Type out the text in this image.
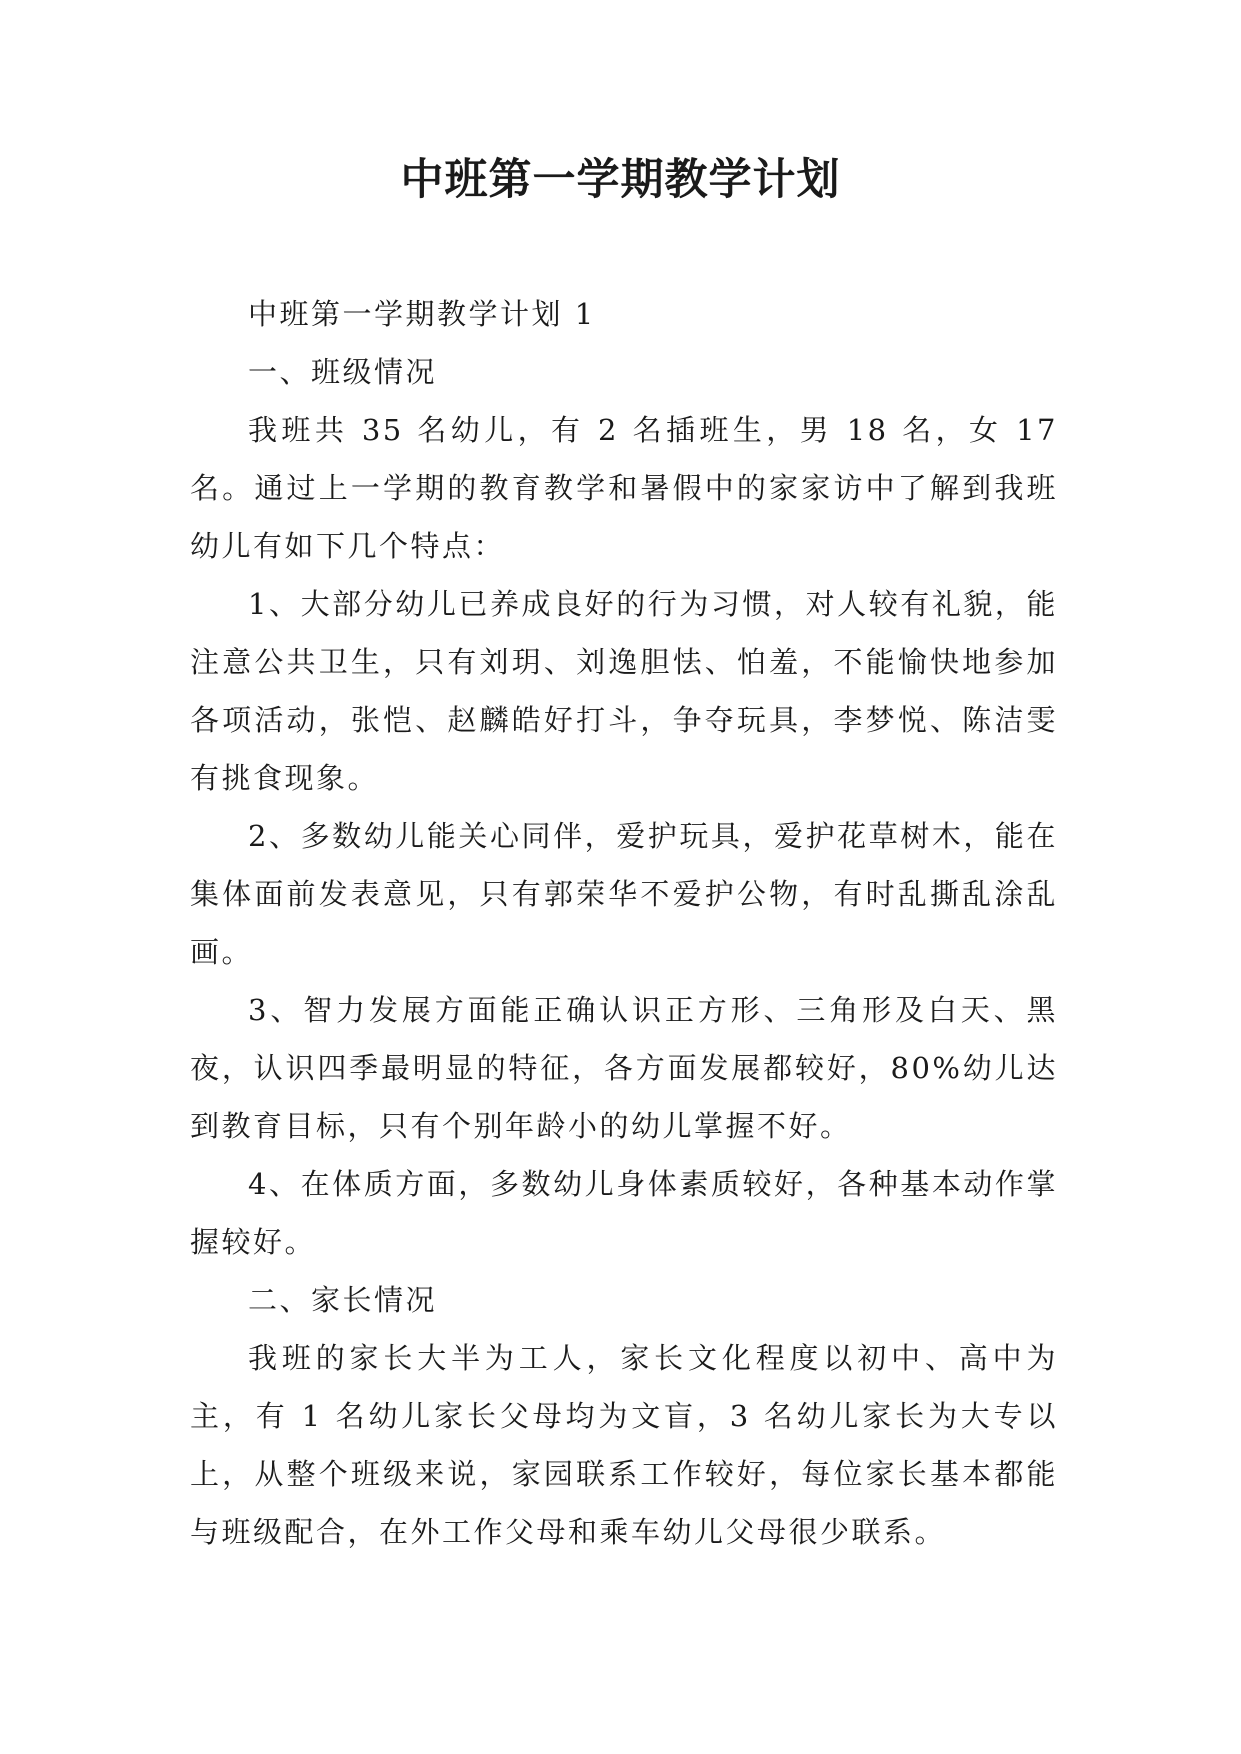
中班第一学期教学计划

中班第一学期教学计划 1

一、班级情况

我班共 35 名幼儿，有 2 名插班生，男 18 名，女 17 名。通过上一学期的教育教学和暑假中的家家访中了解到我班幼儿有如下几个特点：

1、大部分幼儿已养成良好的行为习惯，对人较有礼貌，能注意公共卫生，只有刘玥、刘逸胆怯、怕羞，不能愉快地参加各项活动，张恺、赵麟皓好打斗，争夺玩具，李梦悦、陈洁雯有挑食现象。

2、多数幼儿能关心同伴，爱护玩具，爱护花草树木，能在集体面前发表意见，只有郭荣华不爱护公物，有时乱撕乱涂乱画。

3、智力发展方面能正确认识正方形、三角形及白天、黑夜，认识四季最明显的特征，各方面发展都较好，80%幼儿达到教育目标，只有个别年龄小的幼儿掌握不好。

4、在体质方面，多数幼儿身体素质较好，各种基本动作掌握较好。

二、家长情况

我班的家长大半为工人，家长文化程度以初中、高中为主，有 1 名幼儿家长父母均为文盲，3 名幼儿家长为大专以上，从整个班级来说，家园联系工作较好，每位家长基本都能与班级配合，在外工作父母和乘车幼儿父母很少联系。
